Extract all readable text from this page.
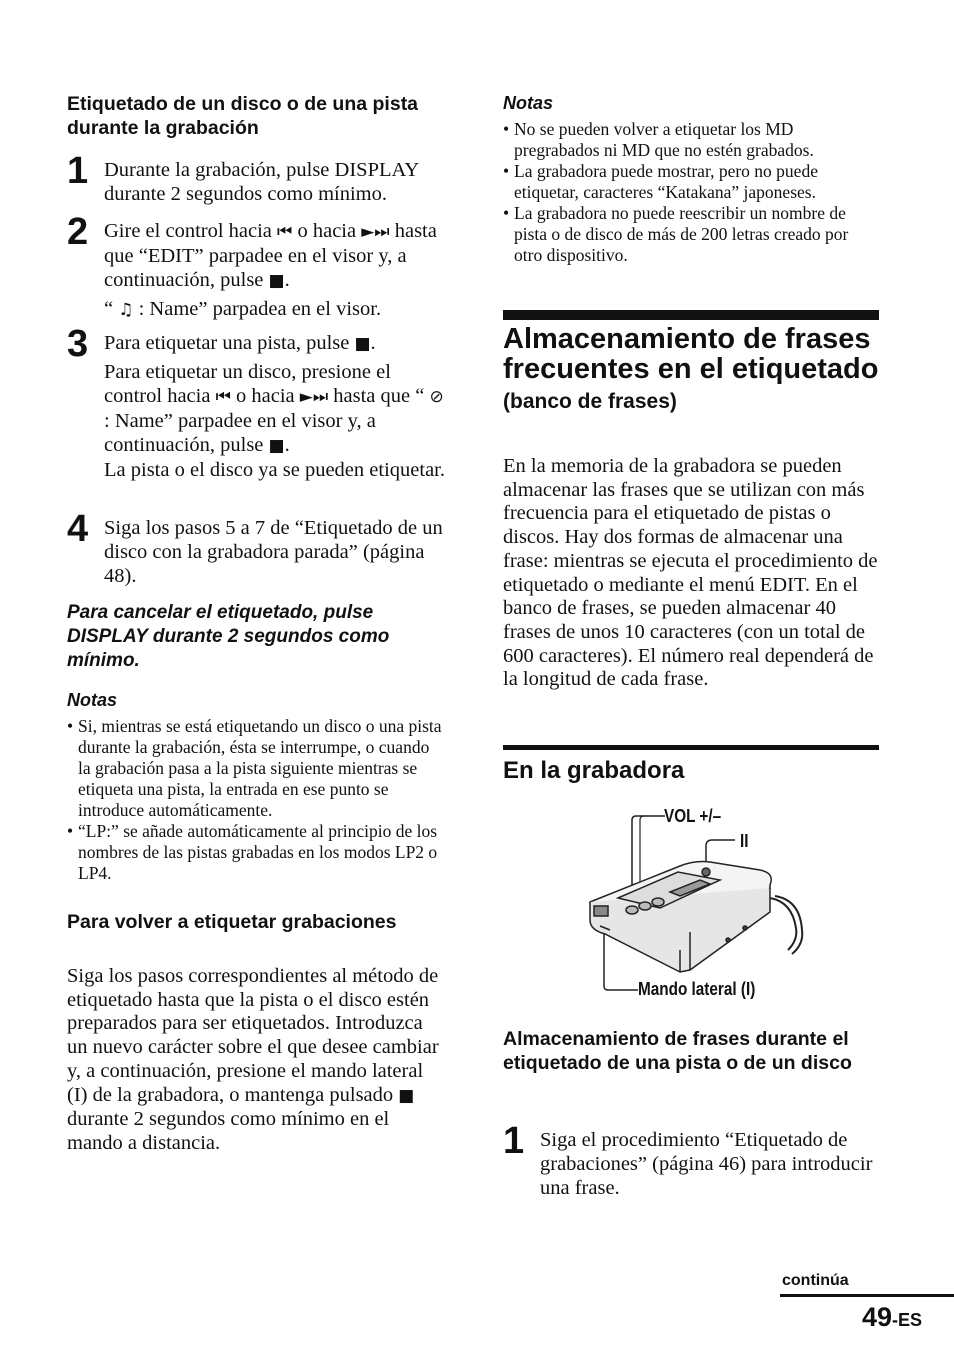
Etiquetado de un disco o de una pista durante la grabación
1 Durante la grabación, pulse DISPLAY durante 2 segundos como mínimo.
2 Gire el control hacia ⏮ o hacia ►⏭ hasta que “EDIT” parpadee en el visor y, a continuación, pulse ■.

“ ♫ : Name” parpadea en el visor.

3 Para etiquetar una pista, pulse ■.

Para etiquetar un disco, presione el control hacia ⏮ o hacia ►⏭ hasta que “ ⊘ : Name” parpadee en el visor y, a continuación, pulse ■.

La pista o el disco ya se pueden etiquetar.

4 Siga los pasos 5 a 7 de “Etiquetado de un disco con la grabadora parada” (página 48).
Para cancelar el etiquetado, pulse DISPLAY durante 2 segundos como mínimo.
Notas
• Si, mientras se está etiquetando un disco o una pista durante la grabación, ésta se interrumpe, o cuando la grabación pasa a la pista siguiente mientras se etiqueta una pista, la entrada en ese punto se introduce automáticamente.
• “LP:” se añade automáticamente al principio de los nombres de las pistas grabadas en los modos LP2 o LP4.
Para volver a etiquetar grabaciones

Siga los pasos correspondientes al método de etiquetado hasta que la pista o el disco estén preparados para ser etiquetados. Introduzca un nuevo carácter sobre el que desee cambiar y, a continuación, presione el mando lateral (I) de la grabadora, o mantenga pulsado ■ durante 2 segundos como mínimo en el mando a distancia.

Notas
• No se pueden volver a etiquetar los MD pregrabados ni MD que no estén grabados.
• La grabadora puede mostrar, pero no puede etiquetar, caracteres “Katakana” japoneses.
• La grabadora no puede reescribir un nombre de pista o de disco de más de 200 letras creado por otro dispositivo.
Almacenamiento de frases frecuentes en el etiquetado (banco de frases)

En la memoria de la grabadora se pueden almacenar las frases que se utilizan con más frecuencia para el etiquetado de pistas o discos. Hay dos formas de almacenar una frase: mientras se ejecuta el procedimiento de etiquetado o mediante el menú EDIT. En el banco de frases, se pueden almacenar 40 frases de unos 10 caracteres (con un total de 600 caracteres). El número real dependerá de la longitud de cada frase.

En la grabadora
VOL +/–
II
Mando lateral (I)
Almacenamiento de frases durante el etiquetado de una pista o de un disco
1 Siga el procedimiento “Etiquetado de grabaciones” (página 46) para introducir una frase.
continúa
49-ES
